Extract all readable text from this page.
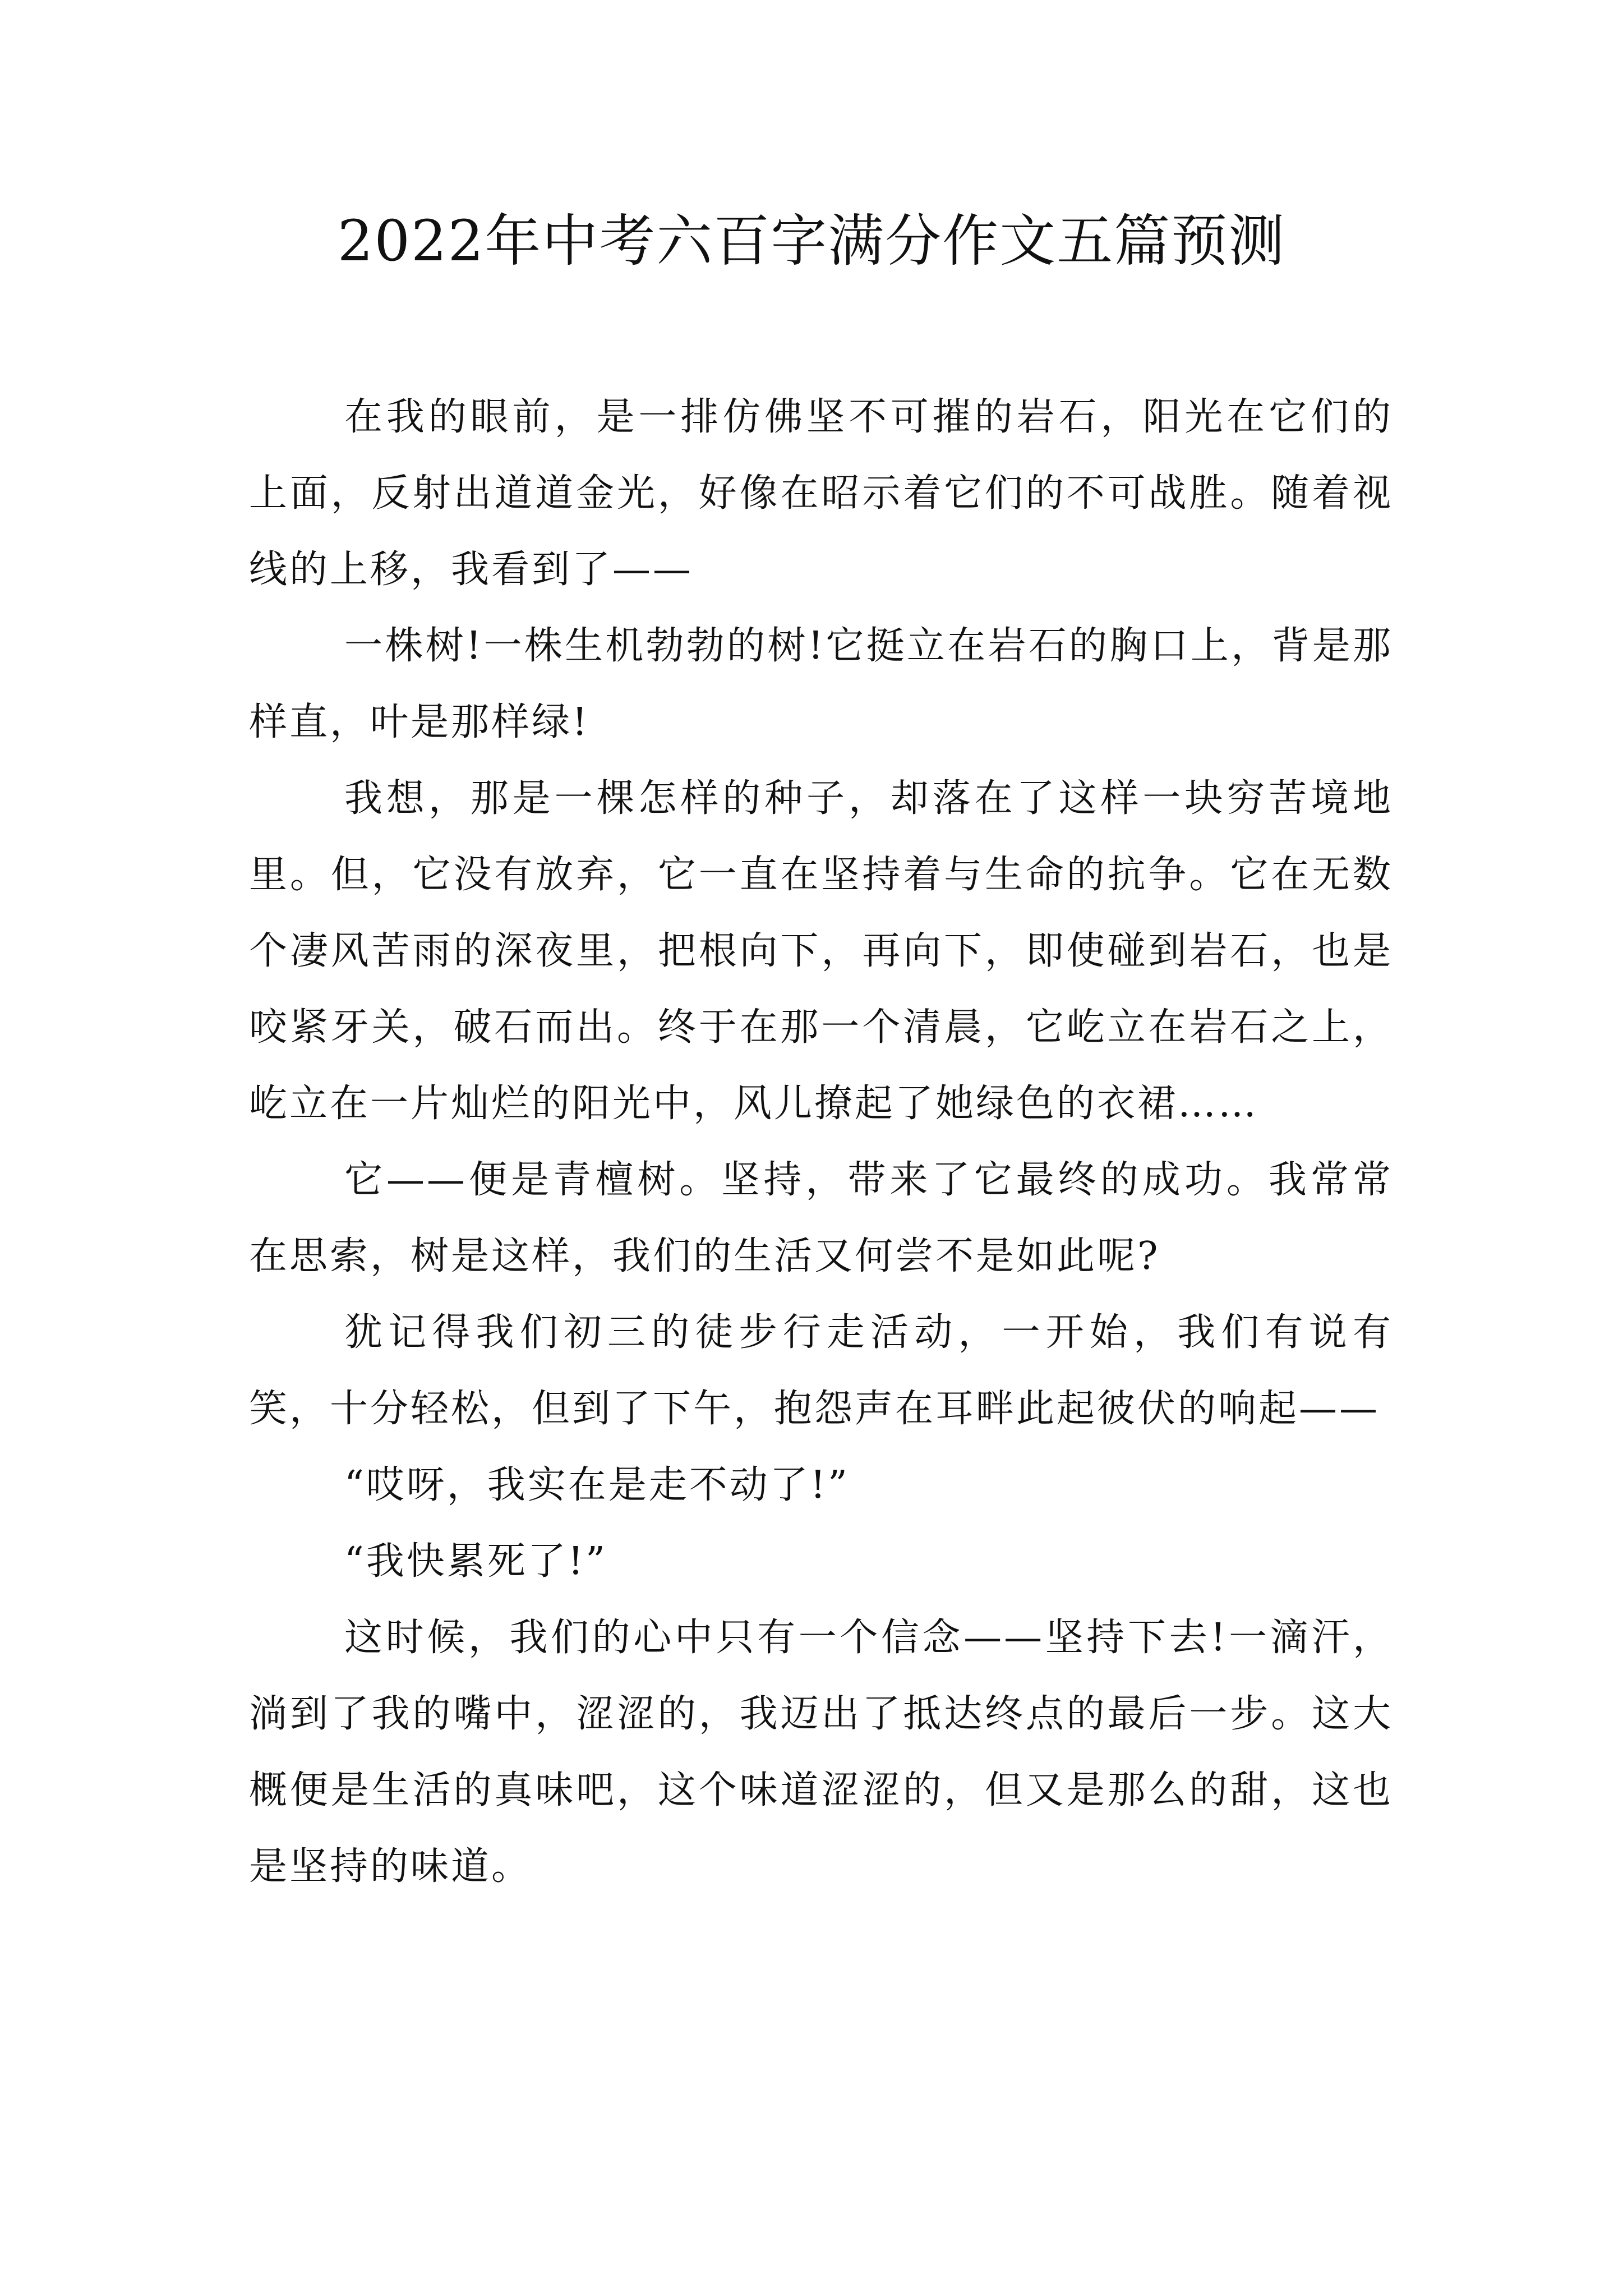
2022年中考六百字满分作文五篇预测

在我的眼前，是一排仿佛坚不可摧的岩石，阳光在它们的上面，反射出道道金光，好像在昭示着它们的不可战胜。随着视线的上移，我看到了——

一株树!一株生机勃勃的树!它挺立在岩石的胸口上，背是那样直，叶是那样绿!

我想，那是一棵怎样的种子，却落在了这样一块穷苦境地里。但，它没有放弃，它一直在坚持着与生命的抗争。它在无数个凄风苦雨的深夜里，把根向下，再向下，即使碰到岩石，也是咬紧牙关，破石而出。终于在那一个清晨，它屹立在岩石之上，屹立在一片灿烂的阳光中，风儿撩起了她绿色的衣裙……

它——便是青檀树。坚持，带来了它最终的成功。我常常在思索，树是这样，我们的生活又何尝不是如此呢?

犹记得我们初三的徒步行走活动，一开始，我们有说有笑，十分轻松，但到了下午，抱怨声在耳畔此起彼伏的响起——

“哎呀，我实在是走不动了!”

“我快累死了!”

这时候，我们的心中只有一个信念——坚持下去!一滴汗，淌到了我的嘴中，涩涩的，我迈出了抵达终点的最后一步。这大概便是生活的真味吧，这个味道涩涩的，但又是那么的甜，这也是坚持的味道。
